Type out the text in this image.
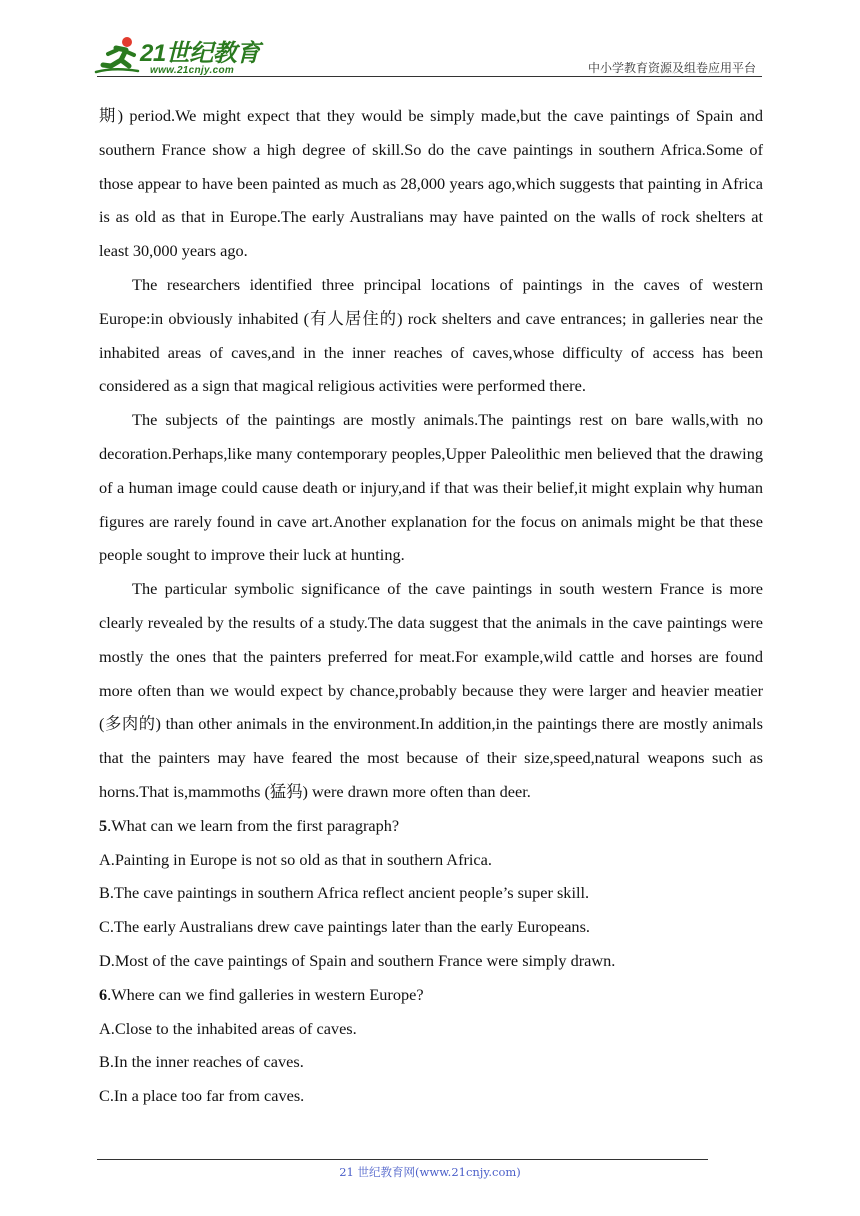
21世纪教育
www.21cnjy.com	中小学教育资源及组卷应用平台

期) period.We might expect that they would be simply made,but the cave paintings of Spain and southern France show a high degree of skill.So do the cave paintings in southern Africa.Some of those appear to have been painted as much as 28,000 years ago,which suggests that painting in Africa is as old as that in Europe.The early Australians may have painted on the walls of rock shelters at least 30,000 years ago.

The researchers identified three principal locations of paintings in the caves of western Europe:in obviously inhabited (有人居住的) rock shelters and cave entrances; in galleries near the inhabited areas of caves,and in the inner reaches of caves,whose difficulty of access has been considered as a sign that magical religious activities were performed there.

The subjects of the paintings are mostly animals.The paintings rest on bare walls,with no decoration.Perhaps,like many contemporary peoples,Upper Paleolithic men believed that the drawing of a human image could cause death or injury,and if that was their belief,it might explain why human figures are rarely found in cave art.Another explanation for the focus on animals might be that these people sought to improve their luck at hunting.

The particular symbolic significance of the cave paintings in south western France is more clearly revealed by the results of a study.The data suggest that the animals in the cave paintings were mostly the ones that the painters preferred for meat.For example,wild cattle and horses are found more often than we would expect by chance,probably because they were larger and heavier meatier (多肉的) than other animals in the environment.In addition,in the paintings there are mostly animals that the painters may have feared the most because of their size,speed,natural weapons such as horns.That is,mammoths (猛犸) were drawn more often than deer.

5.What can we learn from the first paragraph?

A.Painting in Europe is not so old as that in southern Africa.

B.The cave paintings in southern Africa reflect ancient people’s super skill.

C.The early Australians drew cave paintings later than the early Europeans.

D.Most of the cave paintings of Spain and southern France were simply drawn.

6.Where can we find galleries in western Europe?

A.Close to the inhabited areas of caves.

B.In the inner reaches of caves.

C.In a place too far from caves.

21 世纪教育网(www.21cnjy.com)
